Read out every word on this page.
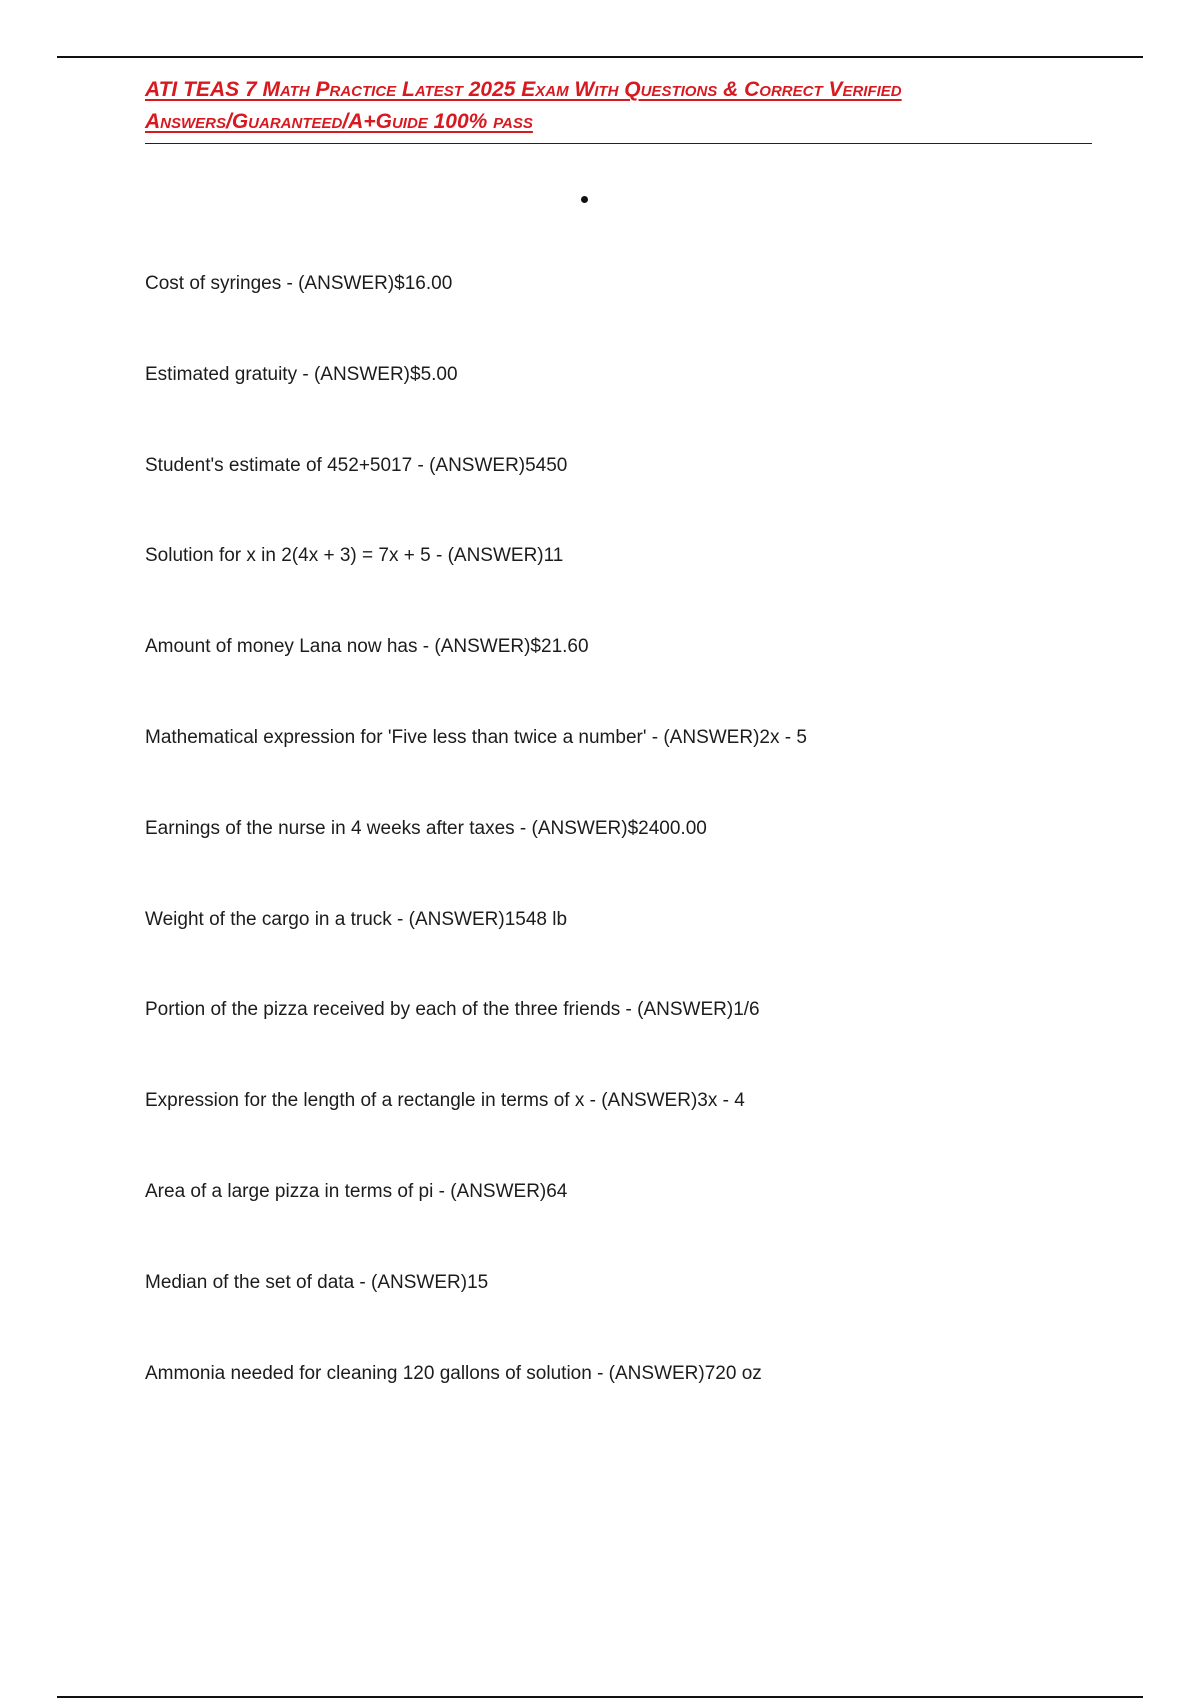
ATI TEAS 7 Math Practice Latest 2025 Exam With Questions & Correct Verified
Answers/Guaranteed/A+Guide 100% pass
Cost of syringes - (ANSWER)$16.00
Estimated gratuity - (ANSWER)$5.00
Student's estimate of 452+5017 - (ANSWER)5450
Solution for x in 2(4x + 3) = 7x + 5 - (ANSWER)11
Amount of money Lana now has - (ANSWER)$21.60
Mathematical expression for 'Five less than twice a number' - (ANSWER)2x - 5
Earnings of the nurse in 4 weeks after taxes - (ANSWER)$2400.00
Weight of the cargo in a truck - (ANSWER)1548 lb
Portion of the pizza received by each of the three friends - (ANSWER)1/6
Expression for the length of a rectangle in terms of x - (ANSWER)3x - 4
Area of a large pizza in terms of pi - (ANSWER)64
Median of the set of data - (ANSWER)15
Ammonia needed for cleaning 120 gallons of solution - (ANSWER)720 oz
